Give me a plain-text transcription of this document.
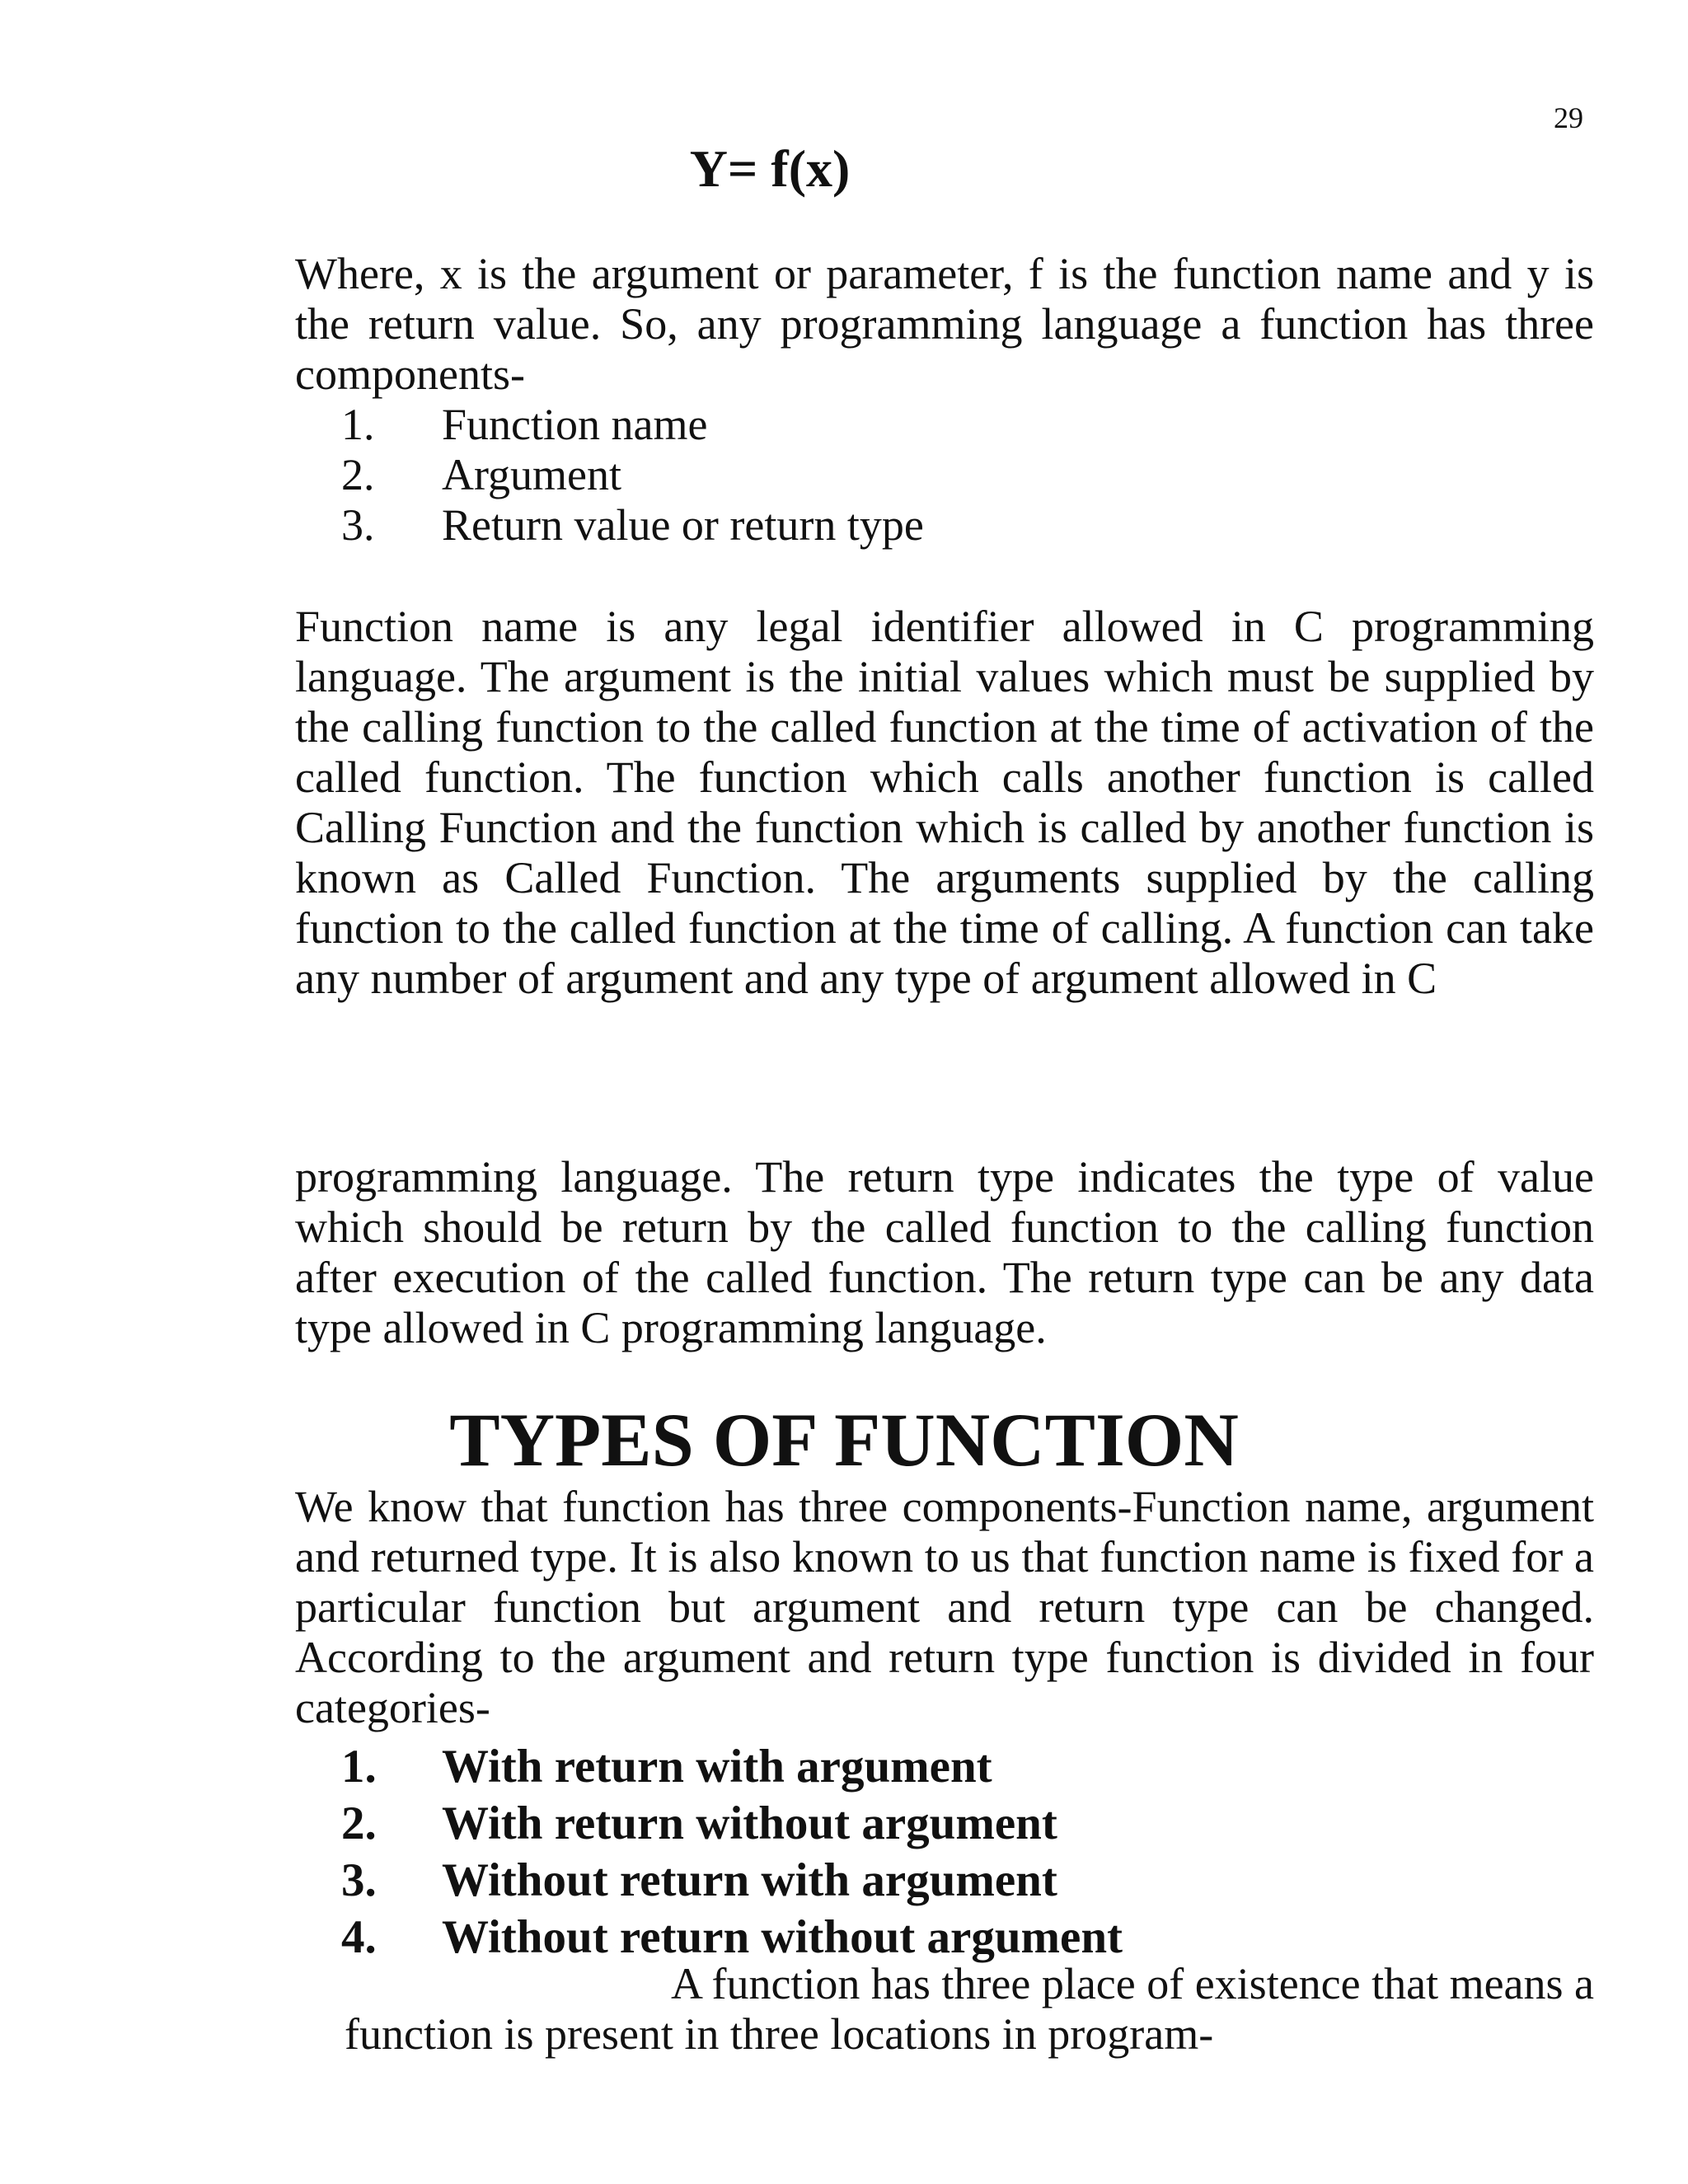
29
Y= f(x)

Where, x is the argument or parameter, f is the function name and y is the return value. So, any programming language a function has three components-

1.	Function name
2.	Argument
3.	Return value or return type

Function name is any legal identifier allowed in C programming language. The argument is the initial values which must be supplied by the calling function to the called function at the time of activation of the called function. The function which calls another function is called Calling Function and the function which is called by another function is known as Called Function. The arguments supplied by the calling function to the called function at the time of calling. A function can take any number of argument and any type of argument allowed in C

programming language. The return type indicates the type of value which should be return by the called function to the calling function after execution of the called function. The return type can be any data type allowed in C programming language.

TYPES OF FUNCTION

We know that function has three components-Function name, argument and returned type. It is also known to us that function name is fixed for a particular function but argument and return type can be changed. According to the argument and return type function is divided in four categories-

1.	With return with argument
2.	With return without argument
3.	Without return with argument
4.	Without return without argument

A function has three place of existence that means a
function is present in three locations in program-
